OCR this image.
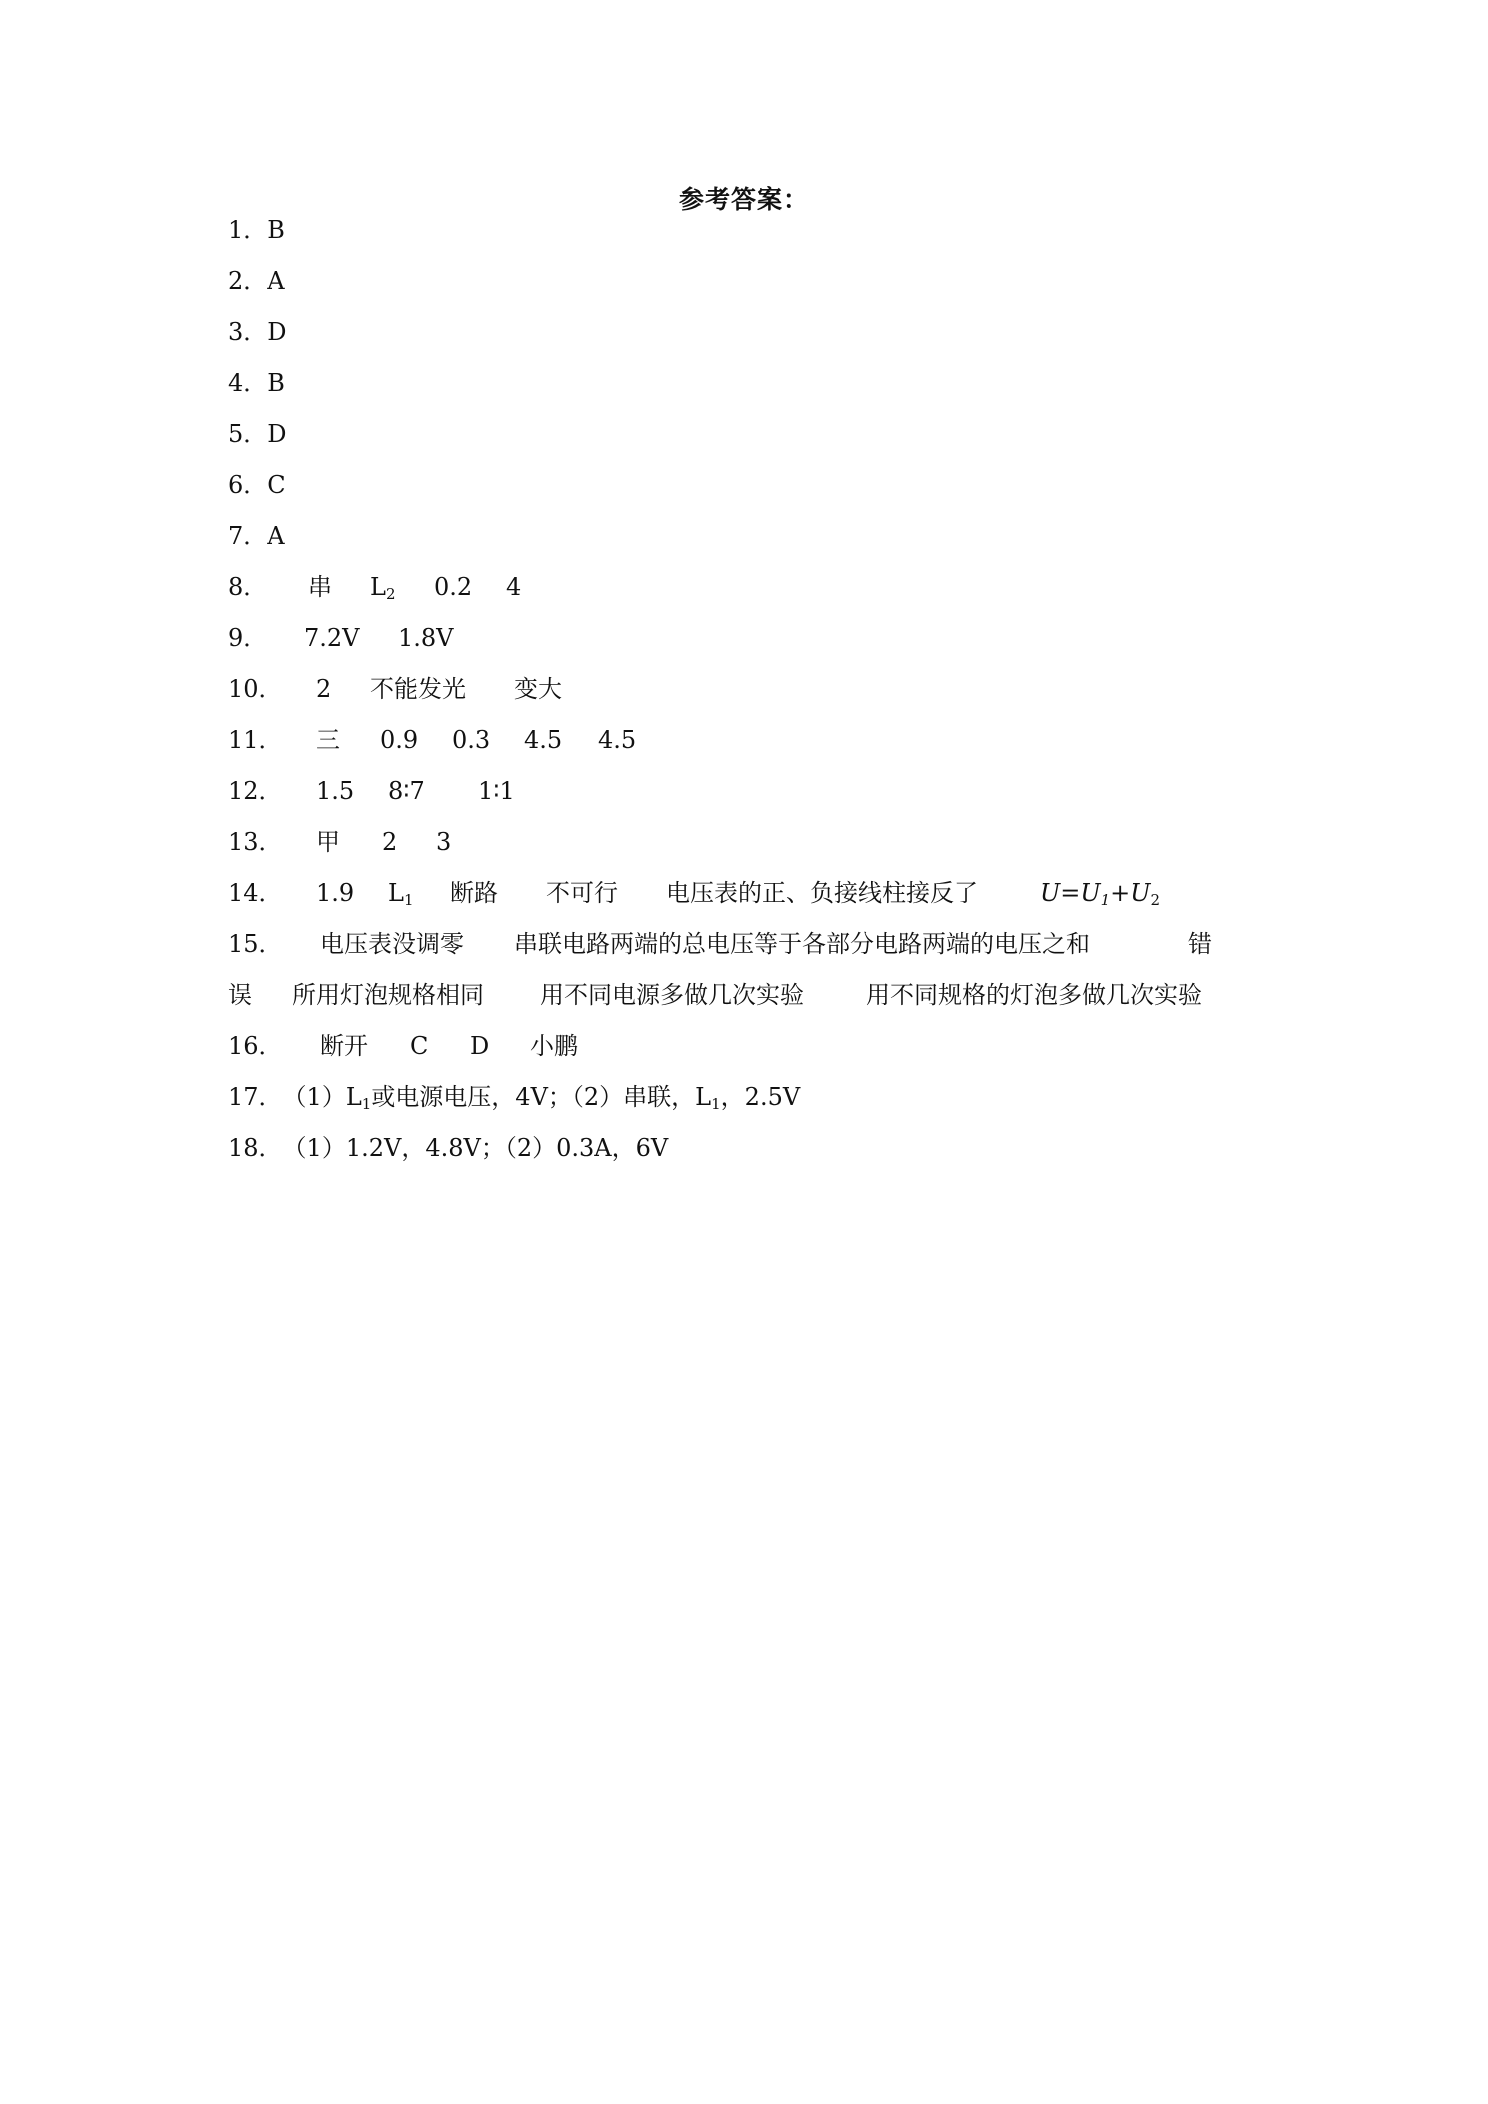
参考答案：
1．B
2．A
3．D
4．B
5．D
6．C
7．A
8． 串 $L_2$ 0.2 4
9． 7.2V 1.8V
10． 2 不能发光 变大
11． 三 0.9 0.3 4.5 4.5
12． 1.5 8∶7 1∶1
13． 甲 2 3
14． 1.9 $L_1$ 断路 不可行 电压表的正、负接线柱接反了	$U=U_1+U_2$
15． 电压表没调零 串联电路两端的总电压等于各部分电路两端的电压之和	错
误 所用灯泡规格相同 用不同电源多做几次实验	用不同规格的灯泡多做几次实验
16． 断开 C D 小鹏
17．$(1)L_1$或电源电压，4V；（2）串联，$L_1$，2.5V
18．（1）1.2V，4.8V；（2）0.3A，6V
